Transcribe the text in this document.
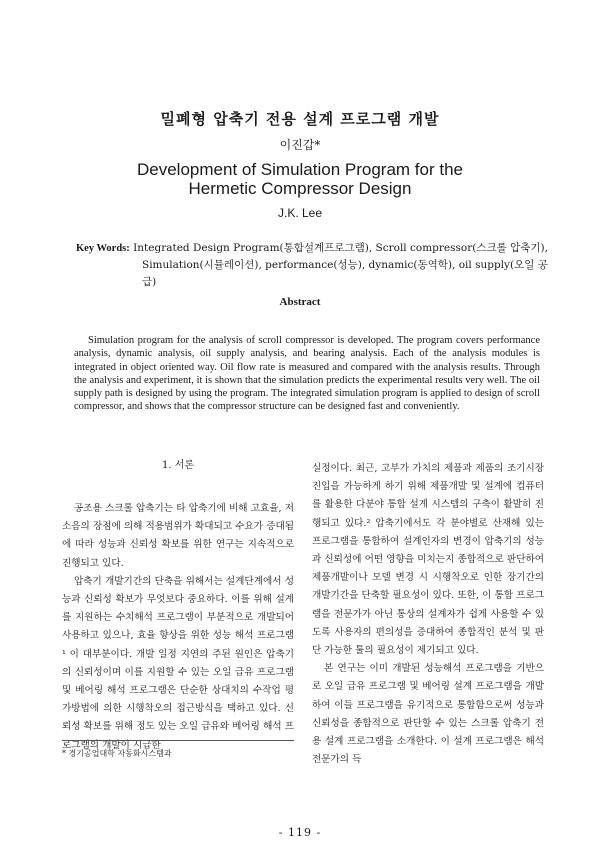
밀폐형 압축기 전용 설계 프로그램 개발
이진갑*
Development of Simulation Program for the
Hermetic Compressor Design
J.K. Lee
Key Words: Integrated Design Program(통합설계프로그램), Scroll compressor(스크롤 압축기),
Simulation(시뮬레이션), performance(성능), dynamic(동역학), oil supply(오일 공급)
Abstract

Simulation program for the analysis of scroll compressor is developed. The program covers performance analysis, dynamic analysis, oil supply analysis, and bearing analysis. Each of the analysis modules is integrated in object oriented way. Oil flow rate is measured and compared with the analysis results. Through the analysis and experiment, it is shown that the simulation predicts the experimental results very well. The oil supply path is designed by using the program. The integrated simulation program is applied to design of scroll compressor, and shows that the compressor structure can be designed fast and conveniently.

1. 서론

공조용 스크롤 압축기는 타 압축기에 비해 고효율, 저소음의 장점에 의해 적용범위가 확대되고 수요가 증대됨에 따라 성능과 신뢰성 확보를 위한 연구는 지속적으로 진행되고 있다.

압축기 개발기간의 단축을 위해서는 설계단계에서 성능과 신뢰성 확보가 무엇보다 중요하다. 이를 위해 설계를 지원하는 수치해석 프로그램이 부분적으로 개발되어 사용하고 있으나, 효율 향상을 위한 성능 해석 프로그램¹ 이 대부분이다. 개발 일정 지연의 주된 원인은 압축기의 신뢰성이며 이를 지원할 수 있는 오일 급유 프로그램 및 베어링 해석 프로그램은 단순한 상대치의 수작업 평가방법에 의한 시행착오의 접근방식을 택하고 있다. 신뢰성 확보를 위해 정도 있는 오일 급유와 베어링 해석 프로그램의 개발이 시급한

실정이다. 최근, 고부가 가치의 제품과 제품의 조기시장 진입을 가능하게 하기 위해 제품개발 및 설계에 컴퓨터를 활용한 다분야 통합 설계 시스템의 구축이 활발히 진행되고 있다.² 압축기에서도 각 분야별로 산재해 있는 프로그램을 통합하여 설계인자의 변경이 압축기의 성능과 신뢰성에 어떤 영향을 미치는지 종합적으로 판단하여 제품개발이나 모델 변경 시 시행착오로 인한 장기간의 개발기간을 단축할 필요성이 있다. 또한, 이 통합 프로그램을 전문가가 아닌 통상의 설계자가 쉽게 사용할 수 있도록 사용자의 편의성을 증대하여 종합적인 분석 및 판단 가능한 툴의 필요성이 제기되고 있다.

본 연구는 이미 개발된 성능해석 프로그램을 기반으로 오일 급유 프로그램 및 베어링 설계 프로그램을 개발하여 이들 프로그램을 유기적으로 통합함으로써 성능과 신뢰성을 종합적으로 판단할 수 있는 스크롤 압축기 전용 설계 프로그램을 소개한다. 이 설계 프로그램은 해석전문가의 득

* 경기공업대학 자동화시스템과
- 119 -
